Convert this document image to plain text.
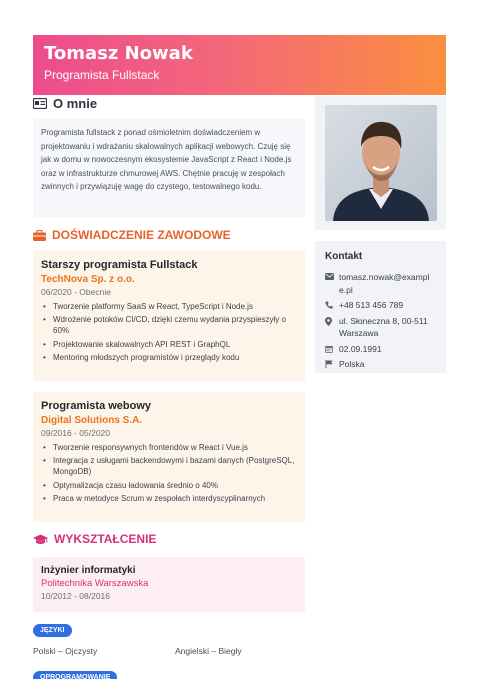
Tomasz Nowak
Programista Fullstack
O mnie
Programista fullstack z ponad ośmioletnim doświadczeniem w projektowaniu i wdrażaniu skalowalnych aplikacji webowych. Czuję się jak w domu w nowoczesnym ekosystemie JavaScript z React i Node.js oraz w infrastrukturze chmurowej AWS. Chętnie pracuję w zespołach zwinnych i przywiązuję wagę do czystego, testowalnego kodu.
Kontakt
tomasz.nowak@example.pl
+48 513 456 789
ul. Słoneczna 8, 00-511 Warszawa
02.09.1991
Polska
DOŚWIADCZENIE ZAWODOWE
Starszy programista Fullstack
TechNova Sp. z o.o.
06/2020 - Obecnie
• Tworzenie platformy SaaS w React, TypeScript i Node.js
• Wdrożenie potoków CI/CD, dzięki czemu wydania przyspieszyły o 60%
• Projektowanie skalowalnych API REST i GraphQL
• Mentoring młodszych programistów i przeglądy kodu
Programista webowy
Digital Solutions S.A.
09/2016 - 05/2020
• Tworzenie responsywnych frontendów w React i Vue.js
• Integracja z usługami backendowymi i bazami danych (PostgreSQL, MongoDB)
• Optymalizacja czasu ładowania średnio o 40%
• Praca w metodyce Scrum w zespołach interdyscyplinarnych
WYKSZTAŁCENIE
Inżynier informatyki
Politechnika Warszawska
10/2012 - 08/2016
JĘZYKI
Polski – Ojczysty	Angielski – Biegły
OPROGRAMOWANIE
